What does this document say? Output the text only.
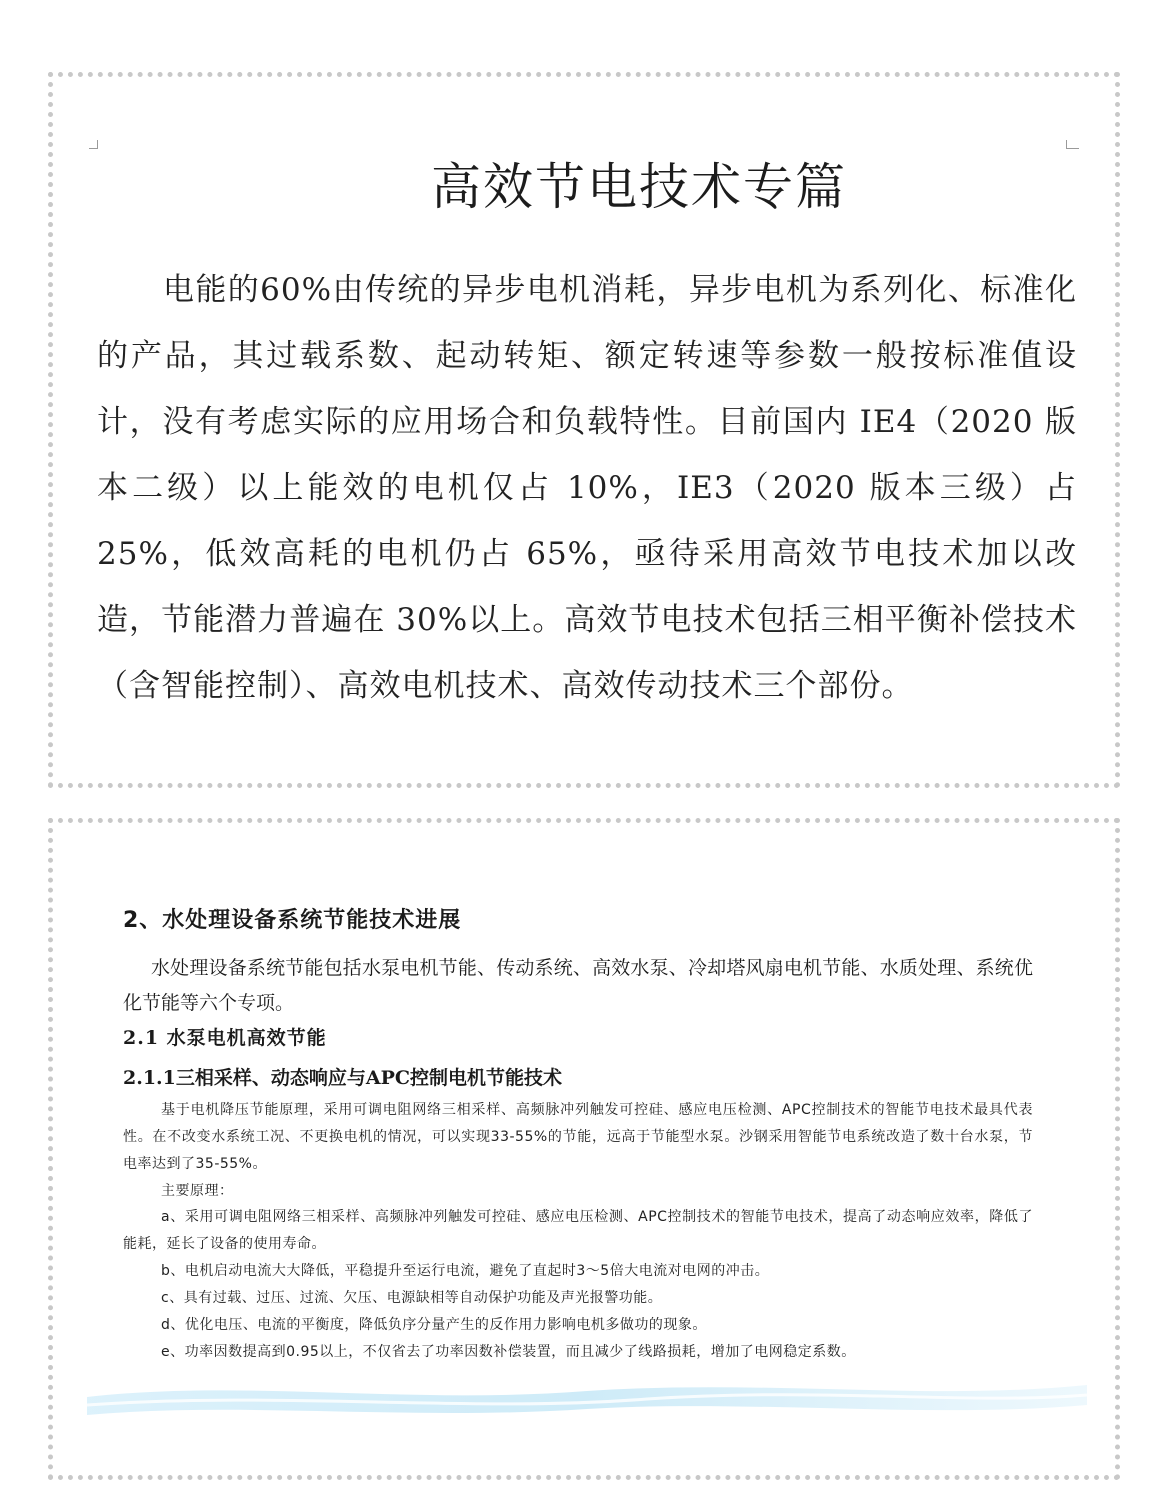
高效节电技术专篇
电能的60%由传统的异步电机消耗，异步电机为系列化、标准化的产品，其过载系数、起动转矩、额定转速等参数一般按标准值设计，没有考虑实际的应用场合和负载特性。目前国内 IE4（2020 版本二级）以上能效的电机仅占 10%，IE3（2020 版本三级）占 25%，低效高耗的电机仍占 65%，亟待采用高效节电技术加以改造，节能潜力普遍在 30%以上。高效节电技术包括三相平衡补偿技术（含智能控制）、高效电机技术、高效传动技术三个部份。
2、水处理设备系统节能技术进展
水处理设备系统节能包括水泵电机节能、传动系统、高效水泵、冷却塔风扇电机节能、水质处理、系统优化节能等六个专项。
2.1 水泵电机高效节能
2.1.1三相采样、动态响应与APC控制电机节能技术
基于电机降压节能原理，采用可调电阻网络三相采样、高频脉冲列触发可控硅、感应电压检测、APC控制技术的智能节电技术最具代表性。在不改变水系统工况、不更换电机的情况，可以实现33-55%的节能，远高于节能型水泵。沙钢采用智能节电系统改造了数十台水泵，节电率达到了35-55%。
主要原理：

a、采用可调电阻网络三相采样、高频脉冲列触发可控硅、感应电压检测、APC控制技术的智能节电技术，提高了动态响应效率，降低了能耗，延长了设备的使用寿命。

b、电机启动电流大大降低，平稳提升至运行电流，避免了直起时3～5倍大电流对电网的冲击。

c、具有过载、过压、过流、欠压、电源缺相等自动保护功能及声光报警功能。

d、优化电压、电流的平衡度，降低负序分量产生的反作用力影响电机多做功的现象。

e、功率因数提高到0.95以上，不仅省去了功率因数补偿装置，而且减少了线路损耗，增加了电网稳定系数。
